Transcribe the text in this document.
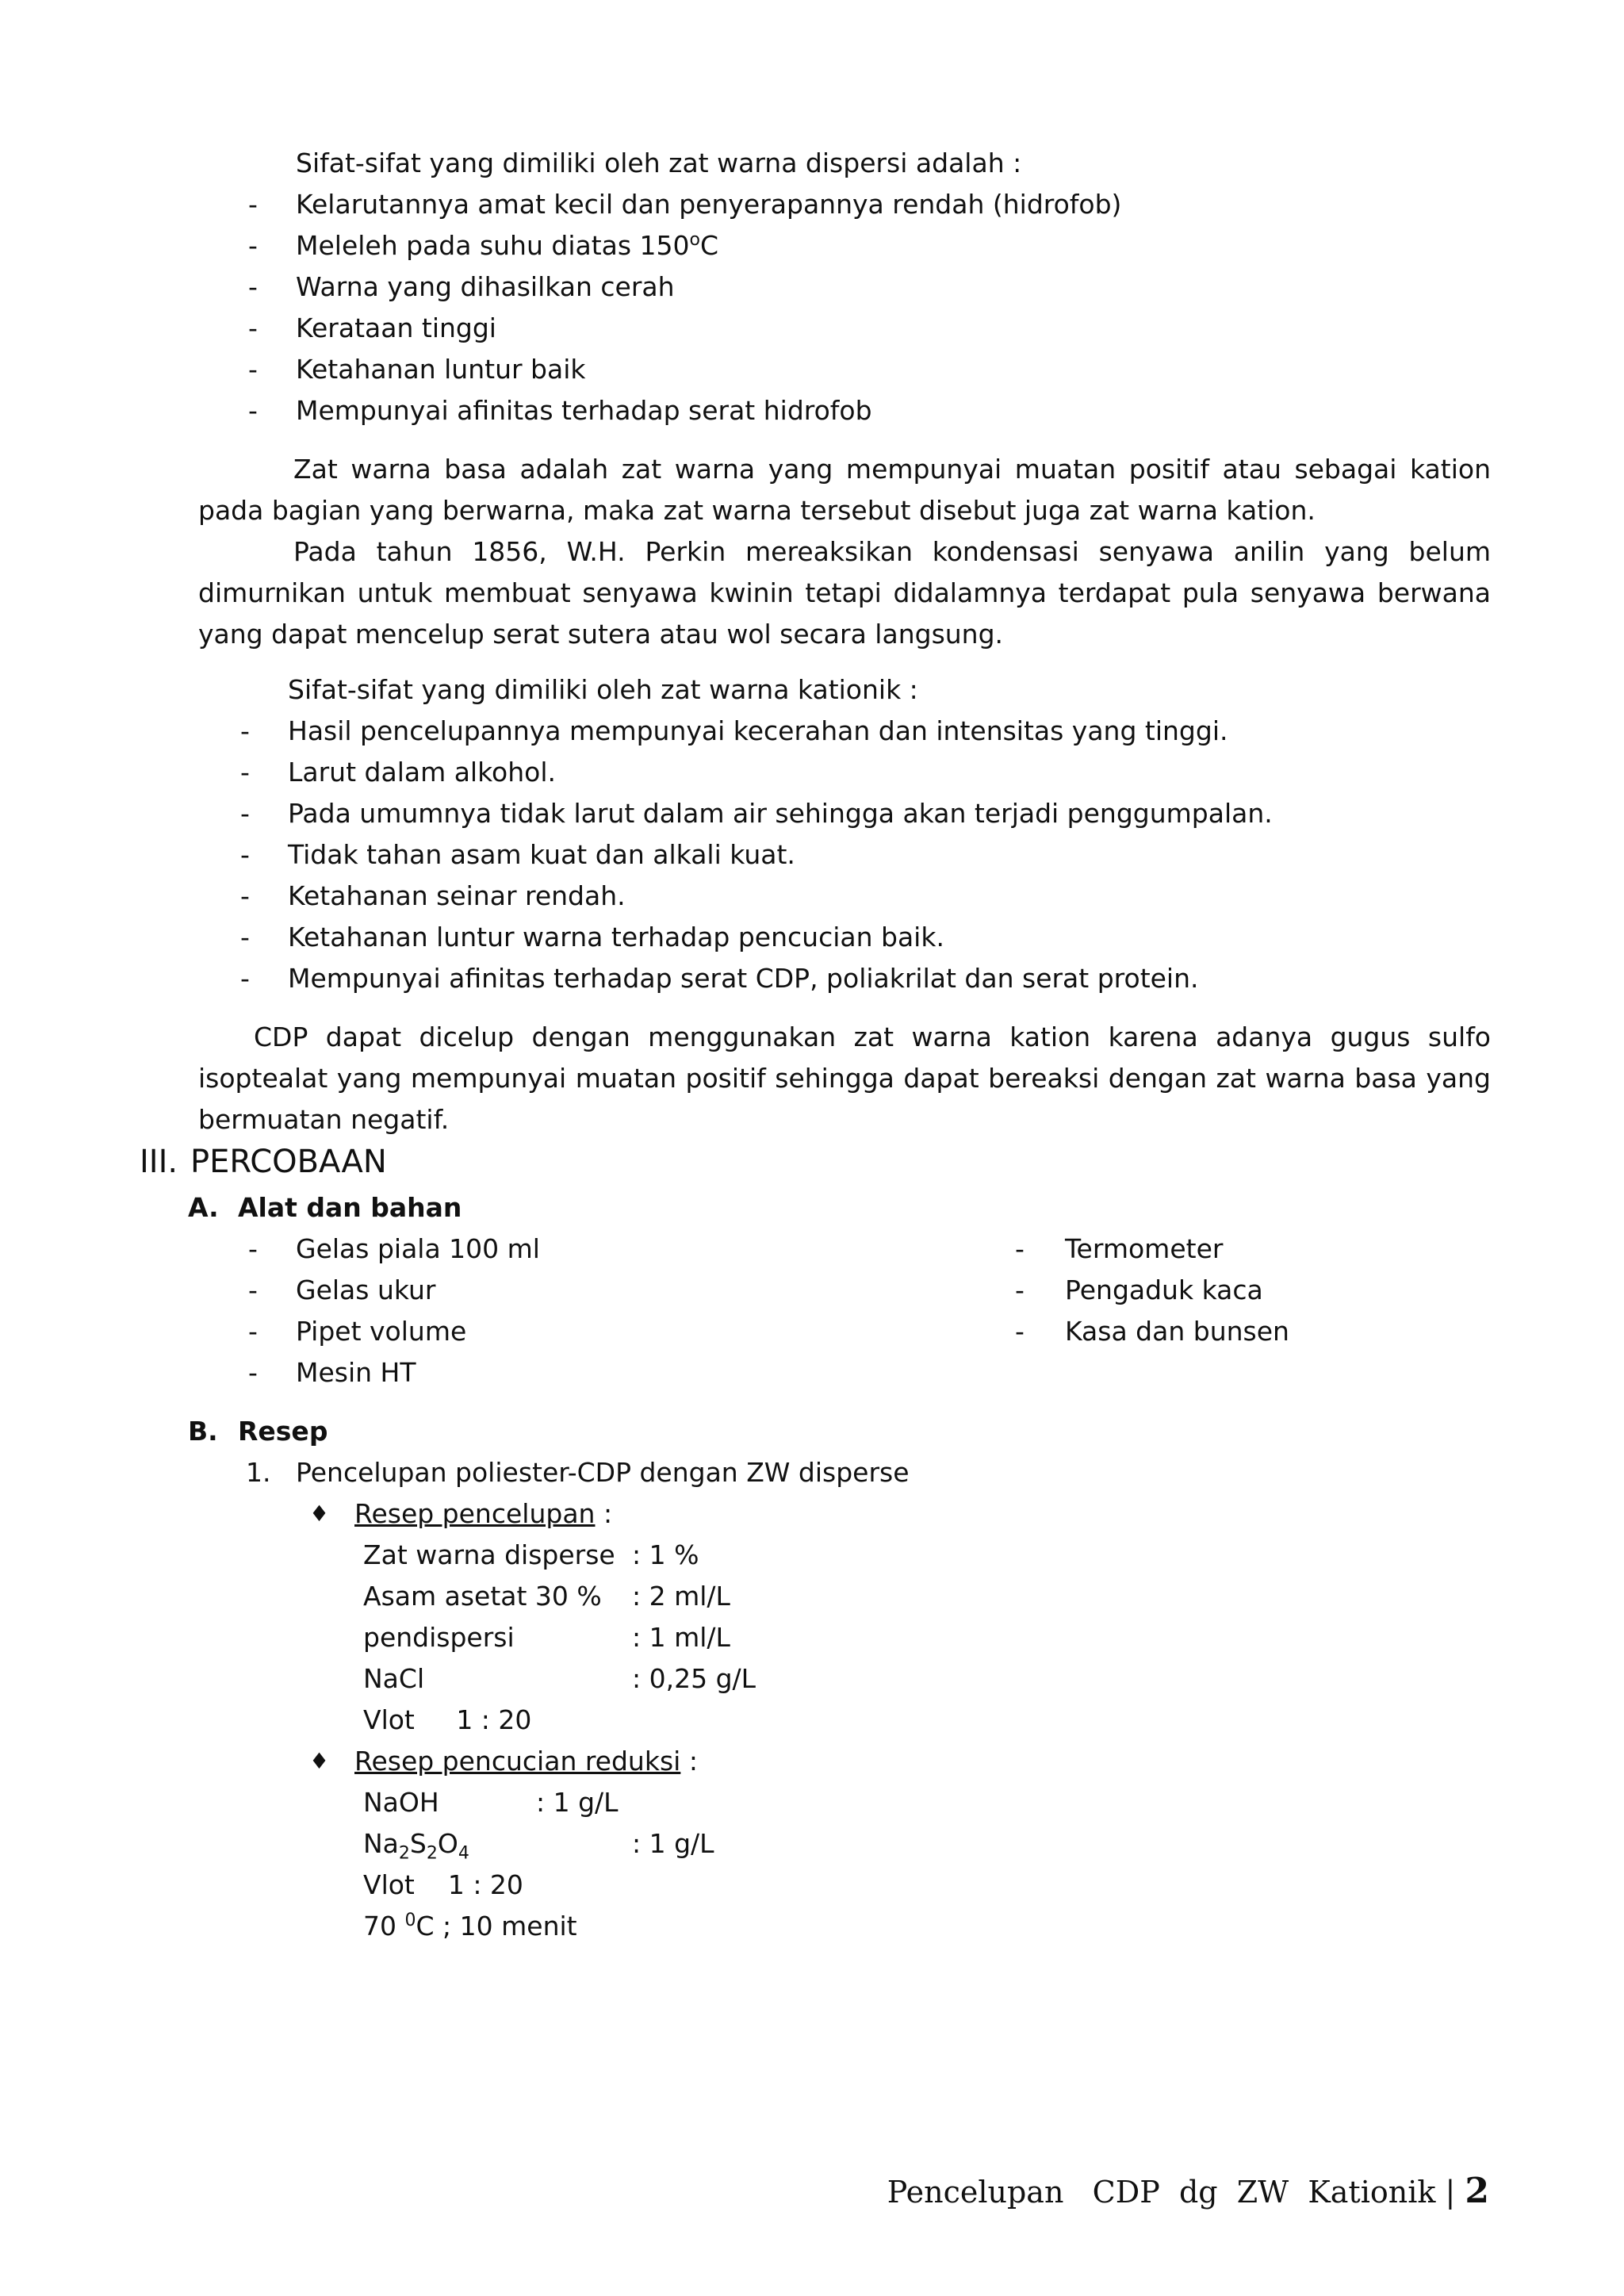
Sifat-sifat yang dimiliki oleh zat warna dispersi adalah :
- Kelarutannya amat kecil dan penyerapannya rendah (hidrofob)
- Meleleh pada suhu diatas 150$^o$C
- Warna yang dihasilkan cerah
- Kerataan tinggi
- Ketahanan luntur baik
- Mempunyai afinitas terhadap serat hidrofob
Zat warna basa adalah zat warna yang mempunyai muatan positif atau sebagai kation pada bagian yang berwarna, maka zat warna tersebut disebut juga zat warna kation.
Pada tahun 1856, W.H. Perkin mereaksikan kondensasi senyawa anilin yang belum dimurnikan untuk membuat senyawa kwinin tetapi didalamnya terdapat pula senyawa berwana yang dapat mencelup serat sutera atau wol secara langsung.
Sifat-sifat yang dimiliki oleh zat warna kationik :
- Hasil pencelupannya mempunyai kecerahan dan intensitas yang tinggi.
- Larut dalam alkohol.
- Pada umumnya tidak larut dalam air sehingga akan terjadi penggumpalan.
- Tidak tahan asam kuat dan alkali kuat.
- Ketahanan seinar rendah.
- Ketahanan luntur warna terhadap pencucian baik.
- Mempunyai afinitas terhadap serat CDP, poliakrilat dan serat protein.
CDP dapat dicelup dengan menggunakan zat warna kation karena adanya gugus sulfo isoptealat yang mempunyai muatan positif sehingga dapat bereaksi dengan zat warna basa yang bermuatan negatif.
III. PERCOBAAN
A. Alat dan bahan
- Gelas piala 100 ml
- Gelas ukur
- Pipet volume
- Mesin HT
- Termometer
- Pengaduk kaca
- Kasa dan bunsen
B. Resep
1. Pencelupan poliester-CDP dengan ZW disperse
♦ Resep pencelupan :
Zat warna disperse : 1 %
Asam asetat 30 % : 2 ml/L
pendispersi	: 1 ml/L
NaCl	: 0,25 g/L
Vlot     1 : 20
♦ Resep pencucian reduksi :
NaOH	: 1 g/L
$Na_2S_2O_4$	: 1 g/L
Vlot    1 : 20
70 $^0$C ; 10 menit
Pencelupan   CDP  dg  ZW  Kationik | 2
